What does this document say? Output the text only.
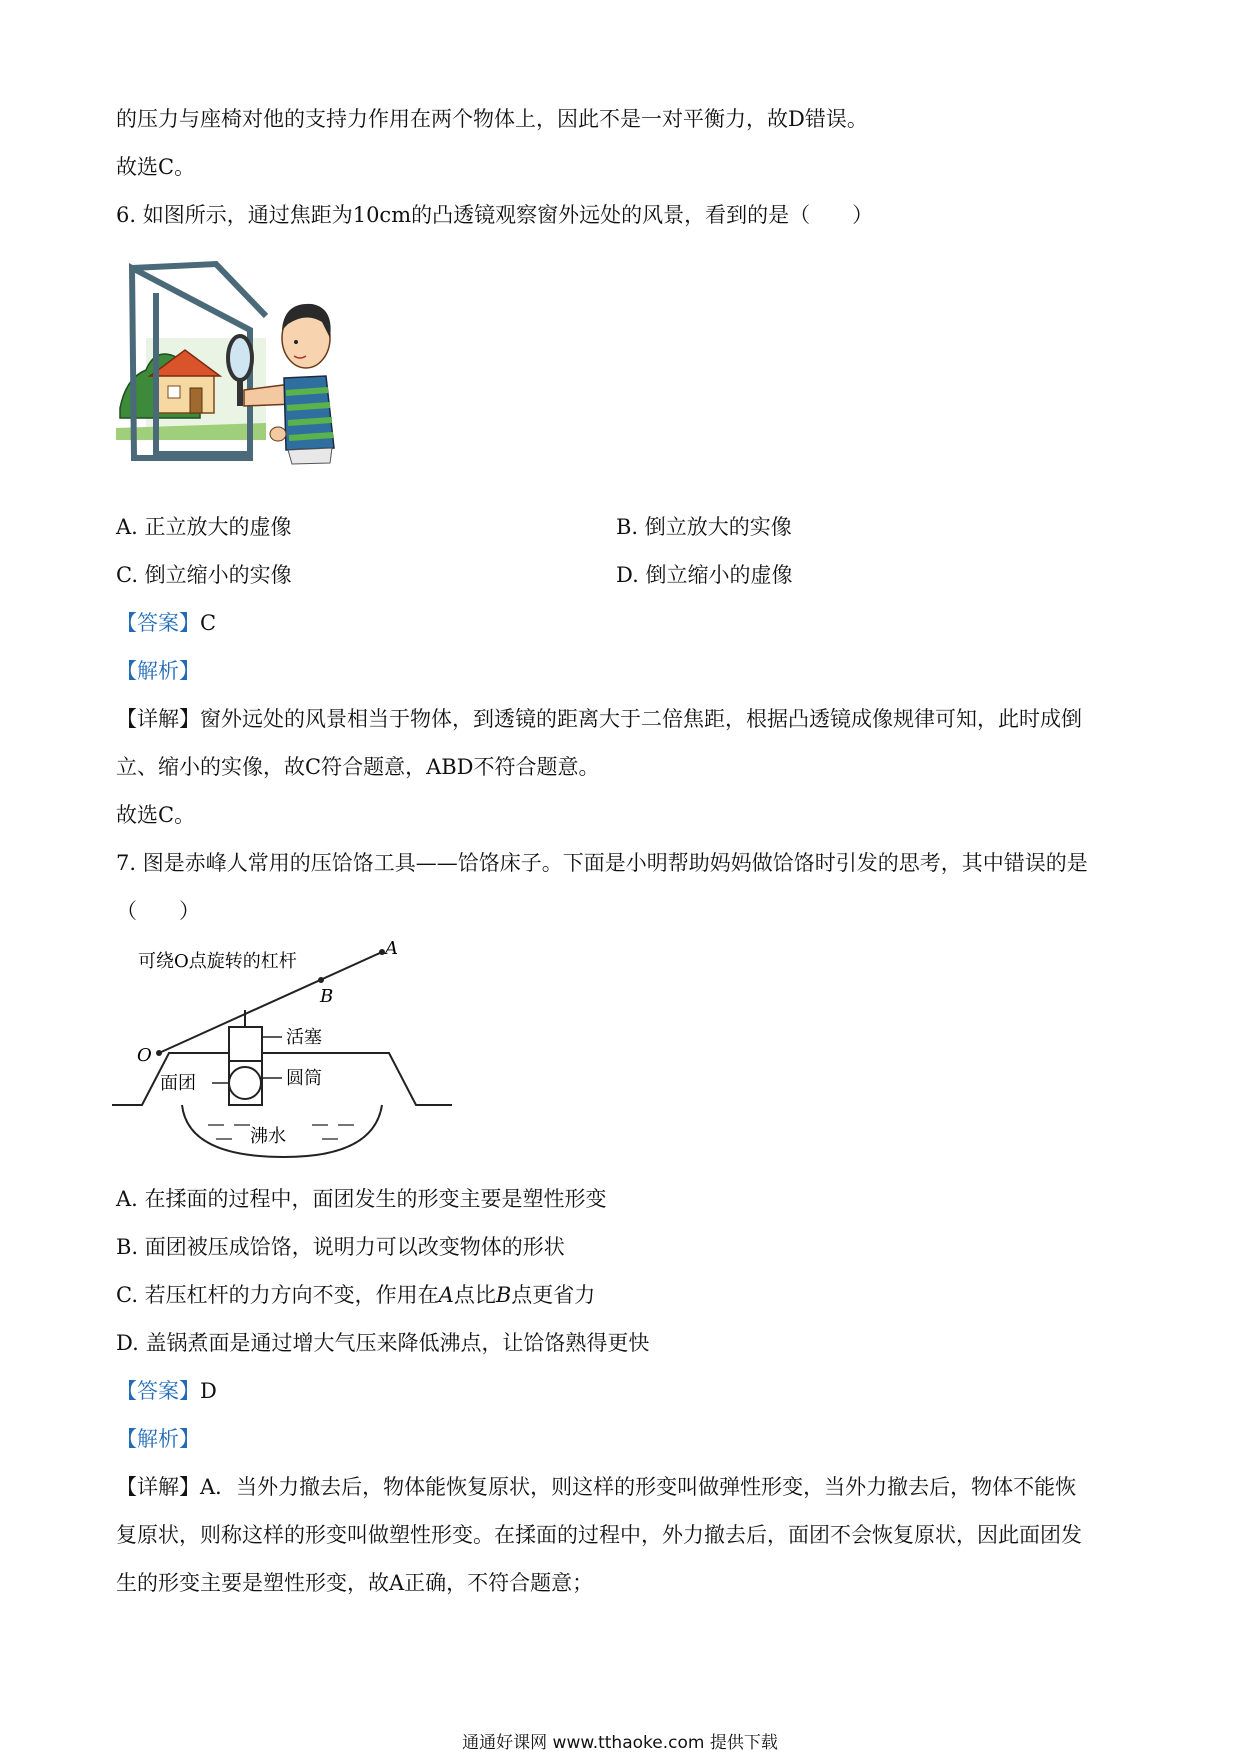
的压力与座椅对他的支持力作用在两个物体上，因此不是一对平衡力，故D错误。
故选C。
6. 如图所示，通过焦距为10cm的凸透镜观察窗外远处的风景，看到的是（　　）
A. 正立放大的虚像	B. 倒立放大的实像
C. 倒立缩小的实像	D. 倒立缩小的虚像
【答案】C
【解析】
【详解】窗外远处的风景相当于物体，到透镜的距离大于二倍焦距，根据凸透镜成像规律可知，此时成倒
立、缩小的实像，故C符合题意，ABD不符合题意。
故选C。
7. 图是赤峰人常用的压饸饹工具——饸饹床子。下面是小明帮助妈妈做饸饹时引发的思考，其中错误的是
（　　）
可绕O点旋转的杠杆
A
B
O
活塞
圆筒
面团
沸水
A. 在揉面的过程中，面团发生的形变主要是塑性形变
B. 面团被压成饸饹，说明力可以改变物体的形状
C. 若压杠杆的力方向不变，作用在A点比B点更省力
D. 盖锅煮面是通过增大气压来降低沸点，让饸饹熟得更快
【答案】D
【解析】
【详解】A．当外力撤去后，物体能恢复原状，则这样的形变叫做弹性形变，当外力撤去后，物体不能恢
复原状，则称这样的形变叫做塑性形变。在揉面的过程中，外力撤去后，面团不会恢复原状，因此面团发
生的形变主要是塑性形变，故A正确，不符合题意；
通通好课网 www.tthaoke.com 提供下载
